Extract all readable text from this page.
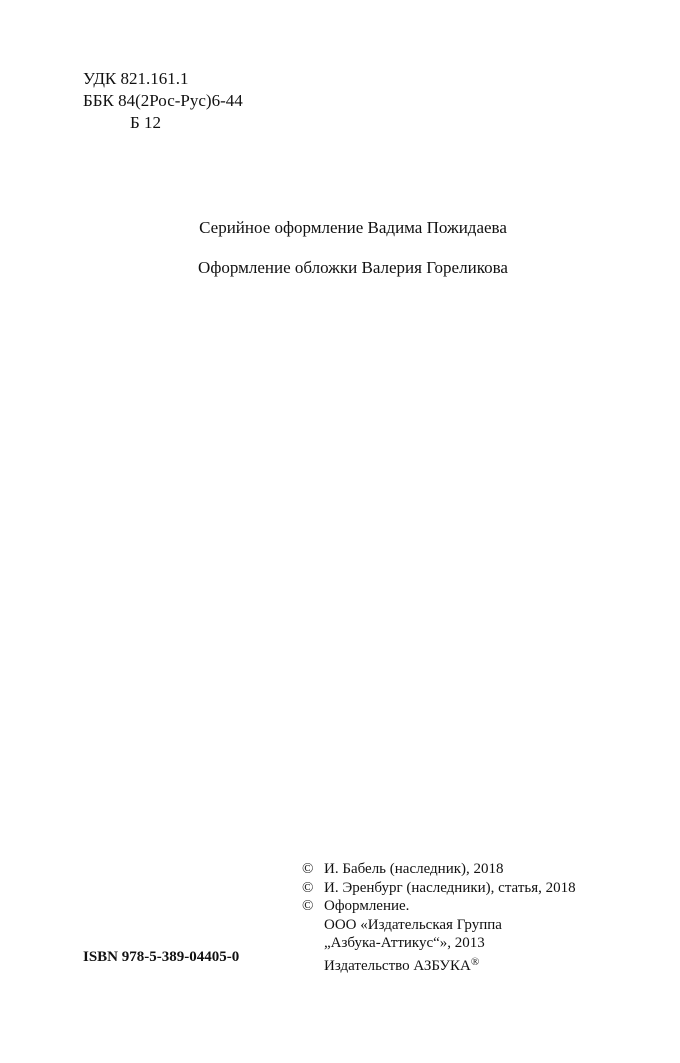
УДК 821.161.1
ББК 84(2Рос-Рус)6-44
Б 12
Серийное оформление Вадима Пожидаева
Оформление обложки Валерия Гореликова
ISBN 978-5-389-04405-0
© И. Бабель (наследник), 2018
© И. Эренбург (наследники), статья, 2018
© Оформление.
ООО «Издательская Группа
„Азбука-Аттикус“», 2013
Издательство АЗБУКА®
